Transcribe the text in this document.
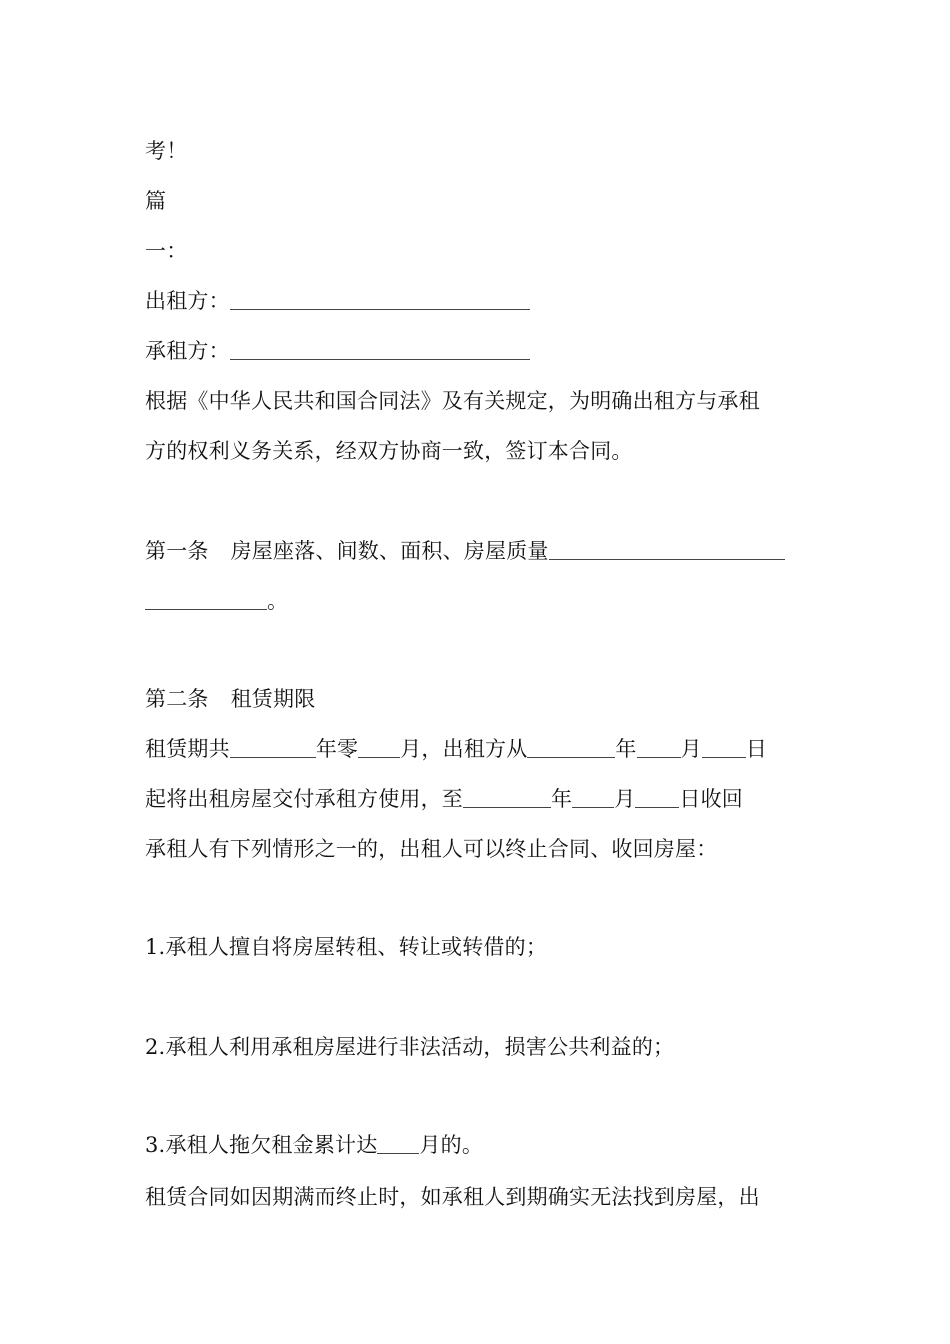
考！
篇
一：
出租方：
承租方：
根据《中华人民共和国合同法》及有关规定，为明确出租方与承租
方的权利义务关系，经双方协商一致，签订本合同。
第一条 房屋座落、间数、面积、房屋质量
。
第二条 租赁期限
租赁期共	年零 月，出租方从	年 月 日
起将出租房屋交付承租方使用，至	年 月 日收回
承租人有下列情形之一的，出租人可以终止合同、收回房屋：
1.承租人擅自将房屋转租、转让或转借的；
2.承租人利用承租房屋进行非法活动，损害公共利益的；
3.承租人拖欠租金累计达 月的。
租赁合同如因期满而终止时，如承租人到期确实无法找到房屋，出
